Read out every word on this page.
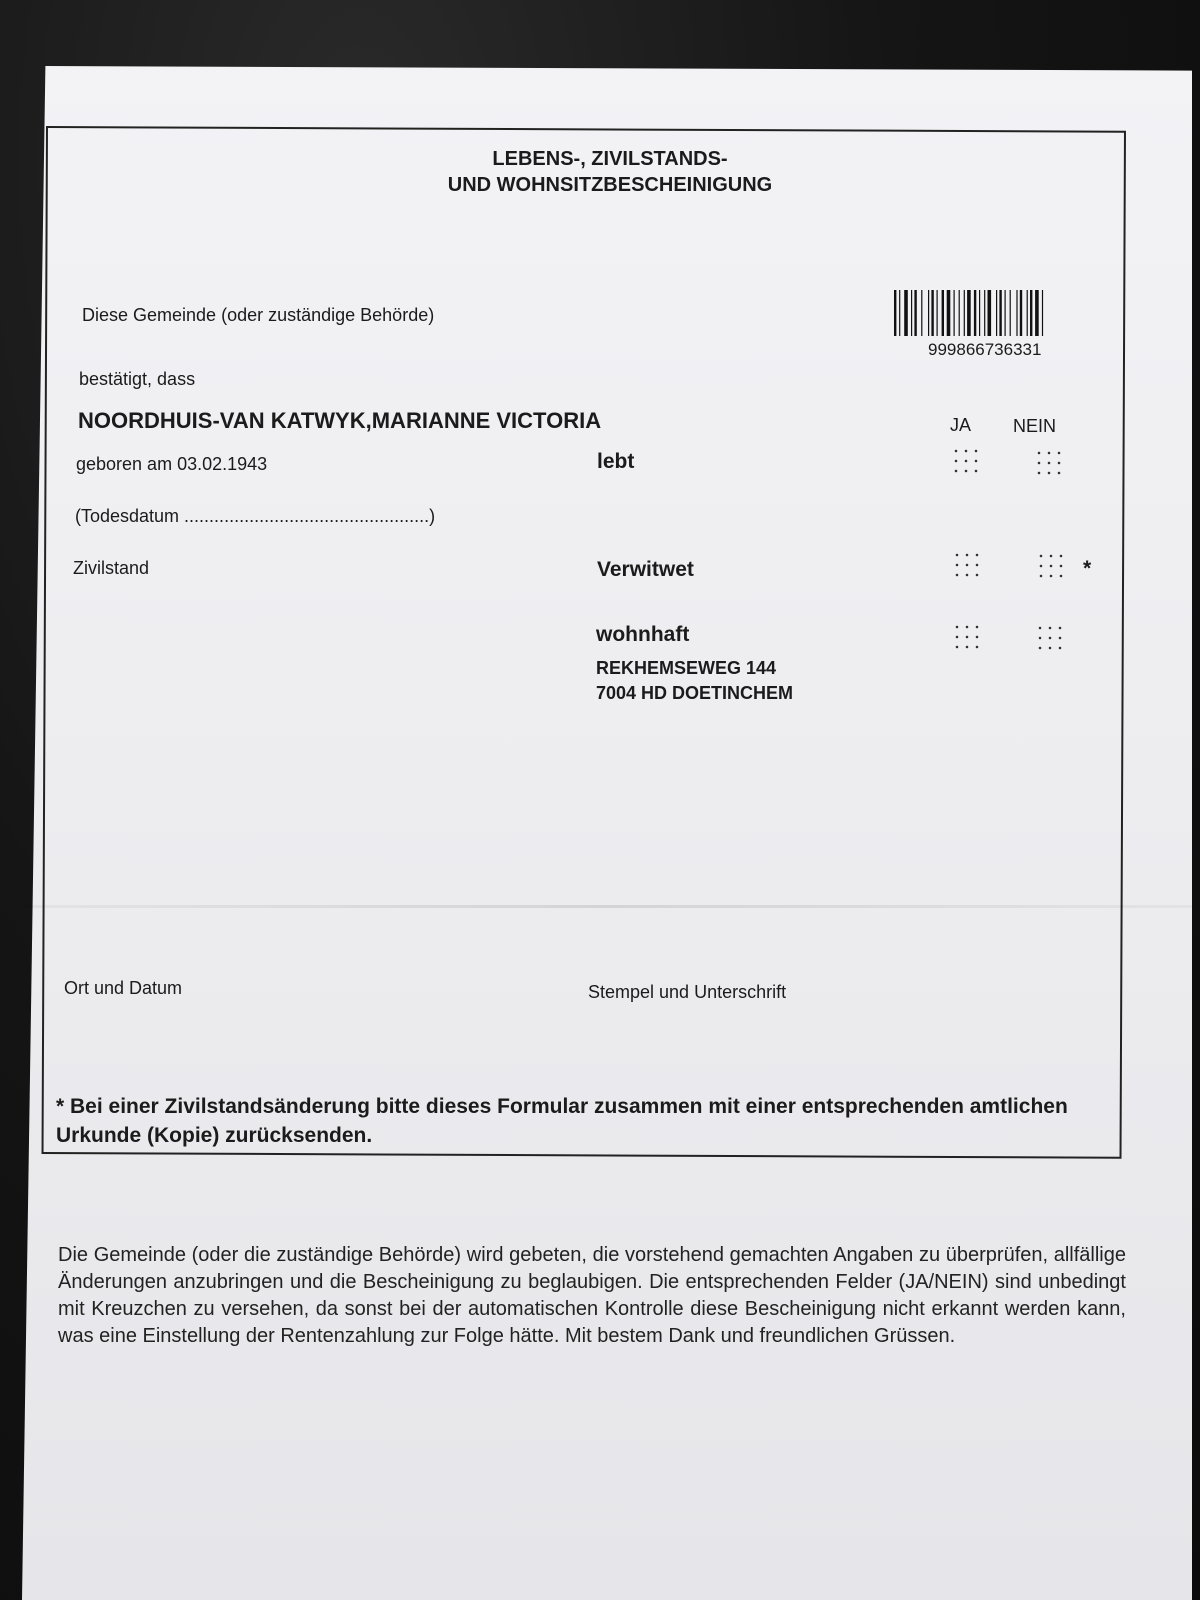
LEBENS-, ZIVILSTANDS-
UND WOHNSITZBESCHEINIGUNG

Diese Gemeinde (oder zuständige Behörde)

999866736331

bestätigt, dass

NOORDHUIS-VAN KATWYK,MARIANNE VICTORIA	JA NEIN

geboren am 03.02.1943	lebt

(Todesdatum .................................................)

Zivilstand	Verwitwet	*

wohnhaft

REKHEMSEWEG 144

7004 HD DOETINCHEM

Ort und Datum	Stempel und Unterschrift

* Bei einer Zivilstandsänderung bitte dieses Formular zusammen mit einer entsprechenden amtlichen Urkunde (Kopie) zurücksenden.

Die Gemeinde (oder die zuständige Behörde) wird gebeten, die vorstehend gemachten Angaben zu überprüfen, allfällige Änderungen anzubringen und die Bescheinigung zu beglaubigen. Die entsprechenden Felder (JA/NEIN) sind unbedingt mit Kreuzchen zu versehen, da sonst bei der automatischen Kontrolle diese Bescheinigung nicht erkannt werden kann, was eine Einstellung der Rentenzahlung zur Folge hätte. Mit bestem Dank und freundlichen Grüssen.
